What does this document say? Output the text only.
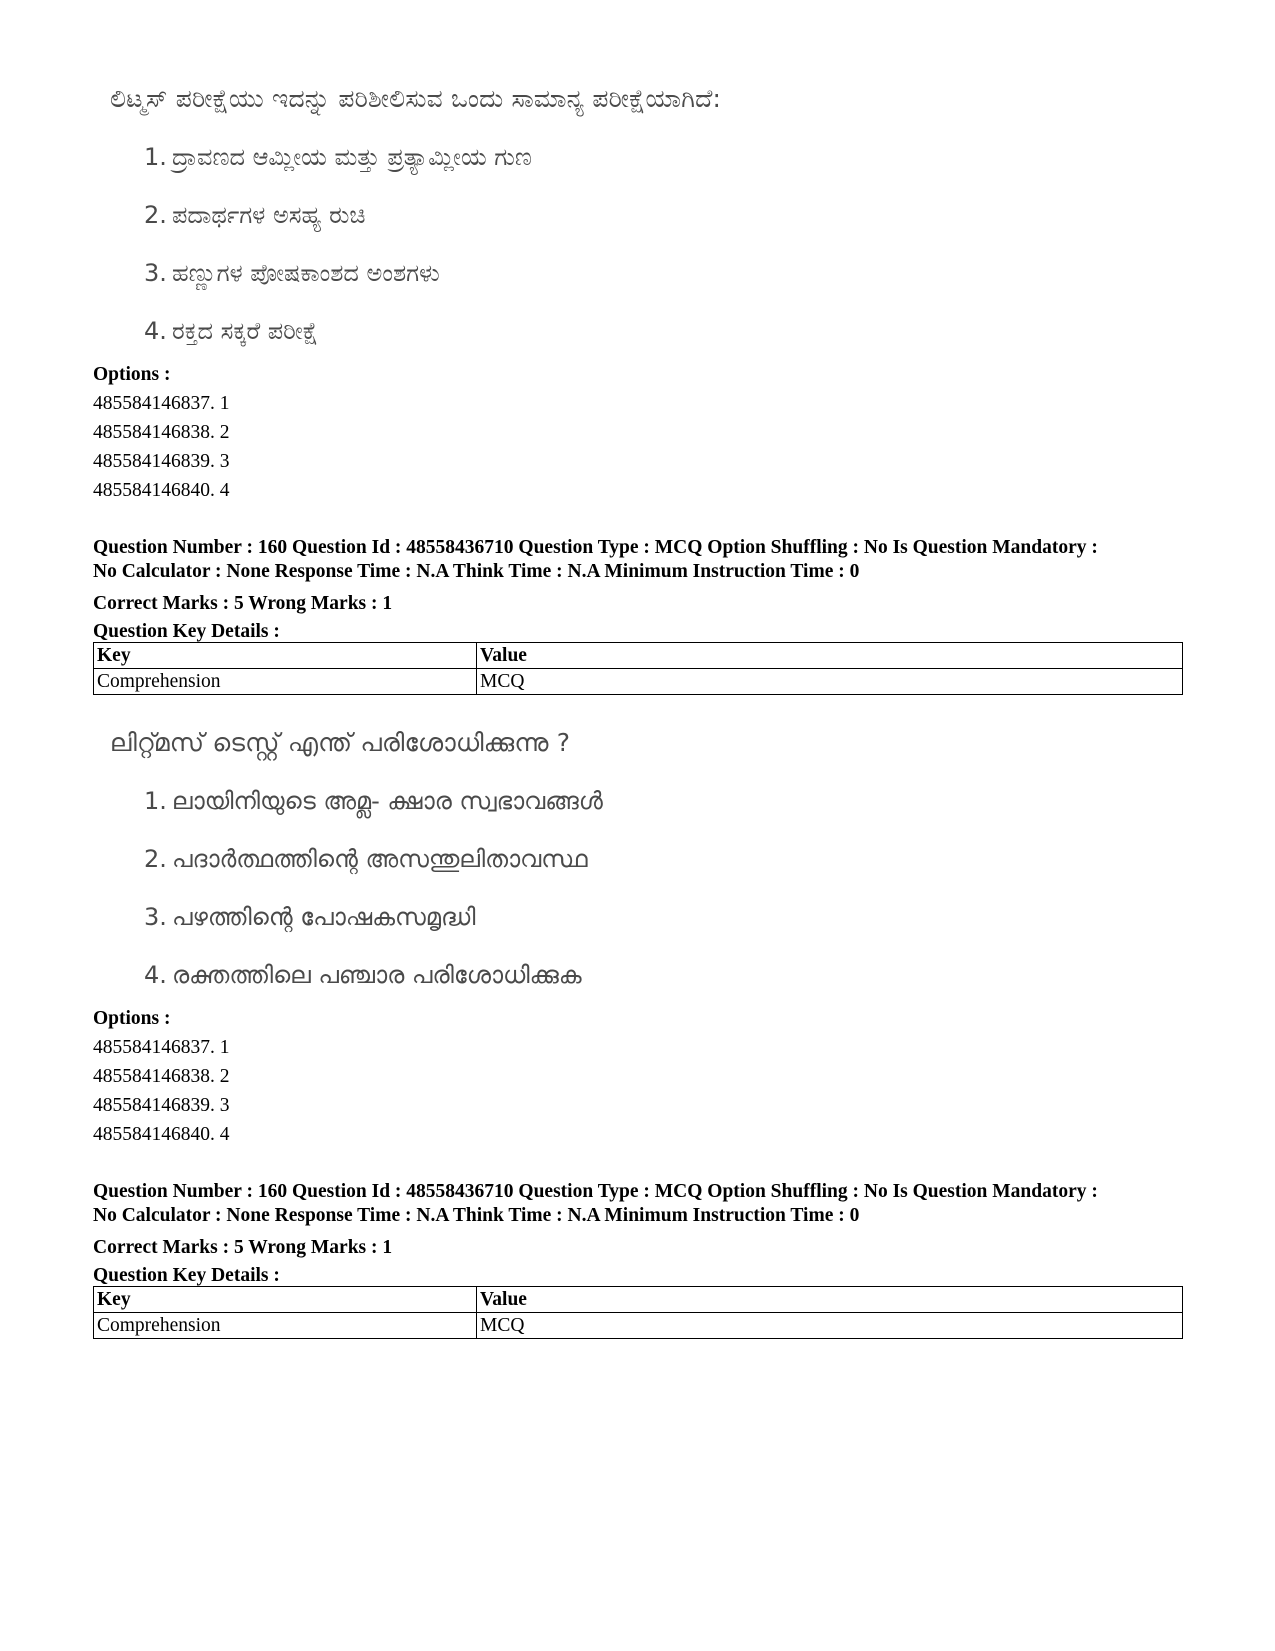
ಲಿಟ್ಮಸ್ ಪರೀಕ್ಷೆಯು ಇದನ್ನು ಪರಿಶೀಲಿಸುವ ಒಂದು ಸಾಮಾನ್ಯ ಪರೀಕ್ಷೆಯಾಗಿದೆ:
1. ದ್ರಾವಣದ ಆಮ್ಲೀಯ ಮತ್ತು ಪ್ರತ್ಯಾಮ್ಲೀಯ ಗುಣ
2. ಪದಾರ್ಥಗಳ ಅಸಹ್ಯ ರುಚಿ
3. ಹಣ್ಣುಗಳ ಪೋಷಕಾಂಶದ ಅಂಶಗಳು
4. ರಕ್ತದ ಸಕ್ಕರೆ ಪರೀಕ್ಷೆ
Options :
485584146837. 1
485584146838. 2
485584146839. 3
485584146840. 4
Question Number : 160 Question Id : 48558436710 Question Type : MCQ Option Shuffling : No Is Question Mandatory :
No Calculator : None Response Time : N.A Think Time : N.A Minimum Instruction Time : 0
Correct Marks : 5 Wrong Marks : 1
Question Key Details :
Key	Value
Comprehension	MCQ
ലിറ്റ്മസ് ടെസ്റ്റ് എന്ത് പരിശോധിക്കുന്നു ?
1. ലായിനിയുടെ അമ്ല- ക്ഷാര സ്വഭാവങ്ങൾ
2. പദാർത്ഥത്തിന്റെ അസന്തുലിതാവസ്ഥ
3. പഴത്തിന്റെ പോഷകസമൃദ്ധി
4. രക്തത്തിലെ പഞ്ചാര പരിശോധിക്കുക
Options :
485584146837. 1
485584146838. 2
485584146839. 3
485584146840. 4
Question Number : 160 Question Id : 48558436710 Question Type : MCQ Option Shuffling : No Is Question Mandatory :
No Calculator : None Response Time : N.A Think Time : N.A Minimum Instruction Time : 0
Correct Marks : 5 Wrong Marks : 1
Question Key Details :
Key	Value
Comprehension	MCQ
